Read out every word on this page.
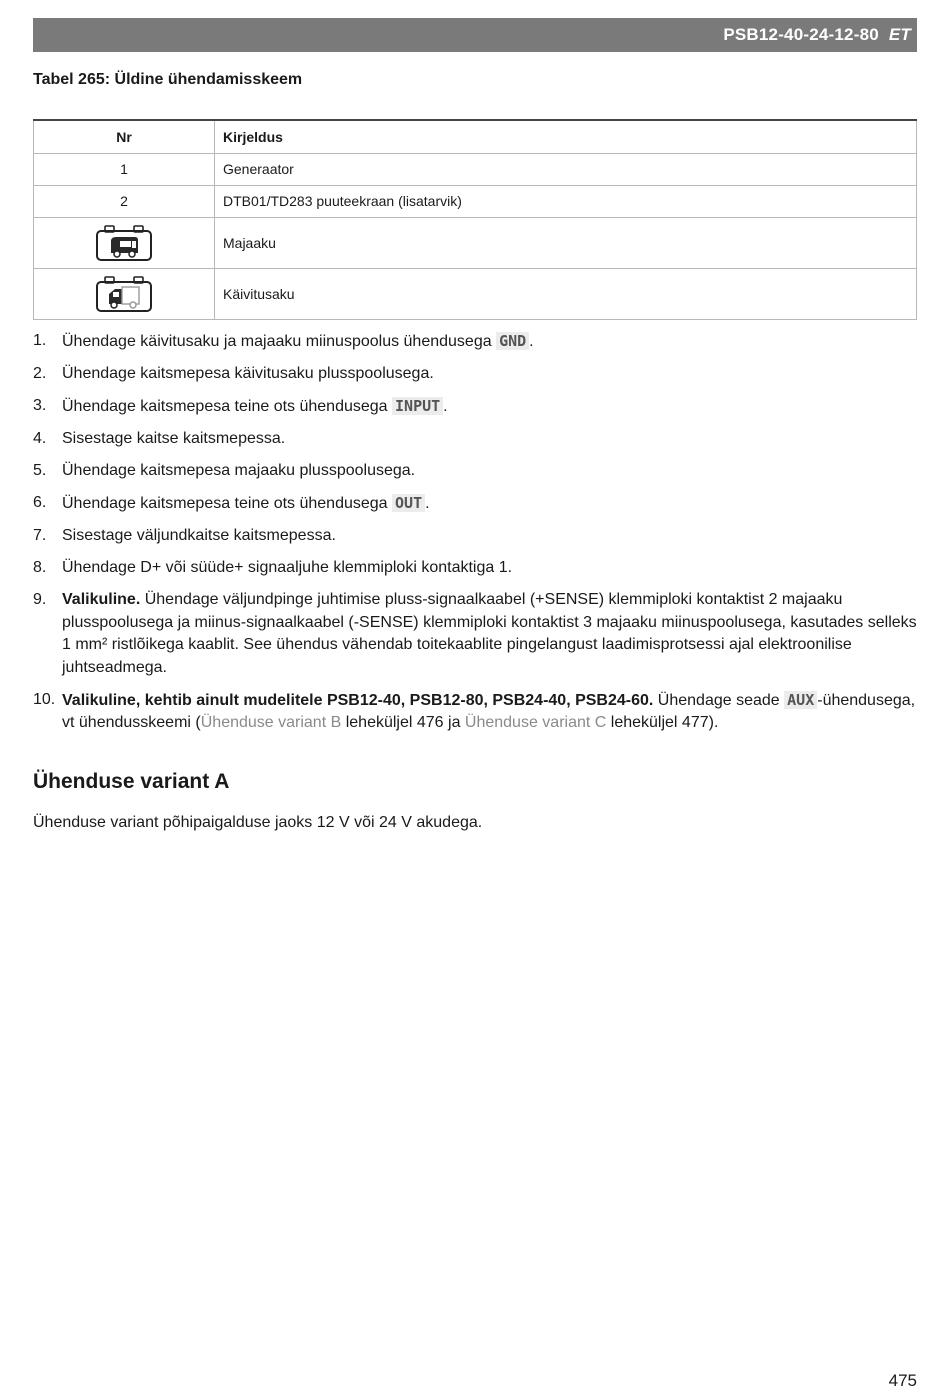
PSB12-40-24-12-80 ET
Tabel 265: Üldine ühendamisskeem
Nr	Kirjeldus
1	Generaator
2	DTB01/TD283 puuteekraan (lisatarvik)
	Majaaku
	Käivitusaku
1. Ühendage käivitusaku ja majaaku miinuspoolus ühendusega GND .
2. Ühendage kaitsmepesa käivitusaku plusspoolusega.
3. Ühendage kaitsmepesa teine ots ühendusega INPUT .
4. Sisestage kaitse kaitsmepessa.
5. Ühendage kaitsmepesa majaaku plusspoolusega.
6. Ühendage kaitsmepesa teine ots ühendusega OUT .
7. Sisestage väljundkaitse kaitsmepessa.
8. Ühendage D+ või süüde+ signaaljuhe klemmiploki kontaktiga 1.
9. Valikuline. Ühendage väljundpinge juhtimise pluss-signaalkaabel (+SENSE) klemmiploki kontaktist 2 majaaku plusspoolusega ja miinus-signaalkaabel (-SENSE) klemmiploki kontaktist 3 majaaku miinuspoolusega, kasutades selleks 1 mm² ristlõikega kaablit. See ühendus vähendab toitekaablite pingelangust laadimisprotsessi ajal elektroonilise juhtseadmega.
10. Valikuline, kehtib ainult mudelitele PSB12-40, PSB12-80, PSB24-40, PSB24-60. Ühendage seade AUX -ühendusega, vt ühendusskeemi (Ühenduse variant B leheküljel 476 ja Ühenduse variant C leheküljel 477).
Ühenduse variant A

Ühenduse variant põhipaigalduse jaoks 12 V või 24 V akudega.

475
